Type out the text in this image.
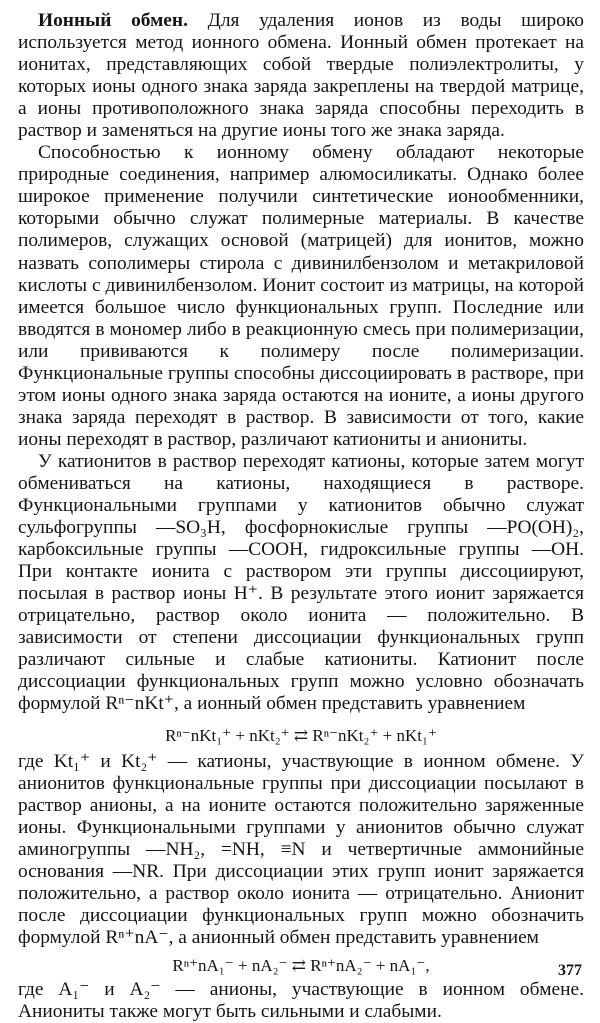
Ионный обмен. Для удаления ионов из воды широко используется метод ионного обмена. Ионный обмен протекает на ионитах, представляющих собой твердые полиэлектролиты, у которых ионы одного знака заряда закреплены на твердой матрице, а ионы противоположного знака заряда способны переходить в раствор и заменяться на другие ионы того же знака заряда.

Способностью к ионному обмену обладают некоторые природные соединения, например алюмосиликаты. Однако более широкое применение получили синтетические ионообменники, которыми обычно служат полимерные материалы. В качестве полимеров, служащих основой (матрицей) для ионитов, можно назвать сополимеры стирола с дивинилбензолом и метакриловой кислоты с дивинилбензолом. Ионит состоит из матрицы, на которой имеется большое число функциональных групп. Последние или вводятся в мономер либо в реакционную смесь при полимеризации, или прививаются к полимеру после полимеризации. Функциональные группы способны диссоциировать в растворе, при этом ионы одного знака заряда остаются на ионите, а ионы другого знака заряда переходят в раствор. В зависимости от того, какие ионы переходят в раствор, различают катиониты и аниониты.

У катионитов в раствор переходят катионы, которые затем могут обмениваться на катионы, находящиеся в растворе. Функциональными группами у катионитов обычно служат сульфогруппы —SO₃H, фосфорнокислые группы —PO(OH)₂, карбоксильные группы —COOH, гидроксильные группы —OH. При контакте ионита с раствором эти группы диссоциируют, посылая в раствор ионы H⁺. В результате этого ионит заряжается отрицательно, раствор около ионита — положительно. В зависимости от степени диссоциации функциональных групп различают сильные и слабые катиониты. Катионит после диссоциации функциональных групп можно условно обозначать формулой Rⁿ⁻nKt⁺, а ионный обмен представить уравнением

Rⁿ⁻nKt₁⁺ + nKt₂⁺ ⇄ Rⁿ⁻nKt₂⁺ + nKt₁⁺

где Kt₁⁺ и Kt₂⁺ — катионы, участвующие в ионном обмене. У анионитов функциональные группы при диссоциации посылают в раствор анионы, а на ионите остаются положительно заряженные ионы. Функциональными группами у анионитов обычно служат аминогруппы —NH₂, =NH, ≡N и четвертичные аммонийные основания —NR. При диссоциации этих групп ионит заряжается положительно, а раствор около ионита — отрицательно. Анионит после диссоциации функциональных групп можно обозначить формулой Rⁿ⁺nA⁻, а анионный обмен представить уравнением

Rⁿ⁺nA₁⁻ + nA₂⁻ ⇄ Rⁿ⁺nA₂⁻ + nA₁⁻,

где A₁⁻ и A₂⁻ — анионы, участвующие в ионном обмене. Аниониты также могут быть сильными и слабыми.

377
